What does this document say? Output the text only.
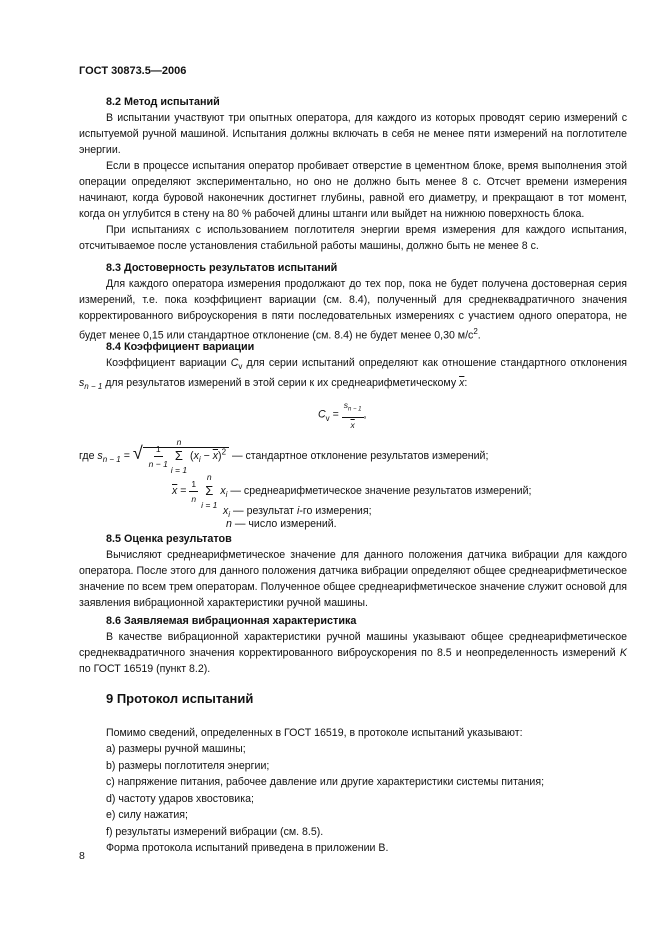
ГОСТ 30873.5—2006
8.2 Метод испытаний

В испытании участвуют три опытных оператора, для каждого из которых проводят серию измерений с испытуемой ручной машиной. Испытания должны включать в себя не менее пяти измерений на поглотителе энергии.

Если в процессе испытания оператор пробивает отверстие в цементном блоке, время выполнения этой операции определяют экспериментально, но оно не должно быть менее 8 с. Отсчет времени измерения начинают, когда буровой наконечник достигнет глубины, равной его диаметру, и прекращают в тот момент, когда он углубится в стену на 80 % рабочей длины штанги или выйдет на нижнюю поверхность блока.

При испытаниях с использованием поглотителя энергии время измерения для каждого испытания, отсчитываемое после установления стабильной работы машины, должно быть не менее 8 с.

8.3 Достоверность результатов испытаний

Для каждого оператора измерения продолжают до тех пор, пока не будет получена достоверная серия измерений, т.е. пока коэффициент вариации (см. 8.4), полученный для среднеквадратичного значения корректированного виброускорения в пяти последовательных измерениях с участием одного оператора, не будет менее 0,15 или стандартное отклонение (см. 8.4) не будет менее 0,30 $м/с^2$.

8.4 Коэффициент вариации

Коэффициент вариации $C_v$ для серии испытаний определяют как отношение стандартного отклонения $s_{n - 1}$ для результатов измерений в этой серии к их среднеарифметическому $\overline{x}$:

$C_v = \frac{s_{n - 1}}{x}$ ,
где $s_{n - 1}$ = √ $\frac{1}{n - 1}$
n
Σ
i = 1
$(x_i - \overline{x})^2$ — стандартное отклонение результатов измерений;
$\overline{x} = \frac{1}{n}$
n
Σ
i = 1
$x_i$ — среднеарифметическое значение результатов измерений;
$x_i$ — результат i-го измерения;
n — число измерений.
8.5 Оценка результатов

Вычисляют среднеарифметическое значение для данного положения датчика вибрации для каждого оператора. После этого для данного положения датчика вибрации определяют общее среднеарифметическое значение по всем трем операторам. Полученное общее среднеарифметическое значение служит основой для заявления вибрационной характеристики ручной машины.

8.6 Заявляемая вибрационная характеристика

В качестве вибрационной характеристики ручной машины указывают общее среднеарифметическое среднеквадратичного значения корректированного виброускорения по 8.5 и неопределенность измерений K по ГОСТ 16519 (пункт 8.2).

9 Протокол испытаний

Помимо сведений, определенных в ГОСТ 16519, в протоколе испытаний указывают:

a) размеры ручной машины;
b) размеры поглотителя энергии;
c) напряжение питания, рабочее давление или другие характеристики системы питания;
d) частоту ударов хвостовика;
e) силу нажатия;
f) результаты измерений вибрации (см. 8.5).

Форма протокола испытаний приведена в приложении В.

8
